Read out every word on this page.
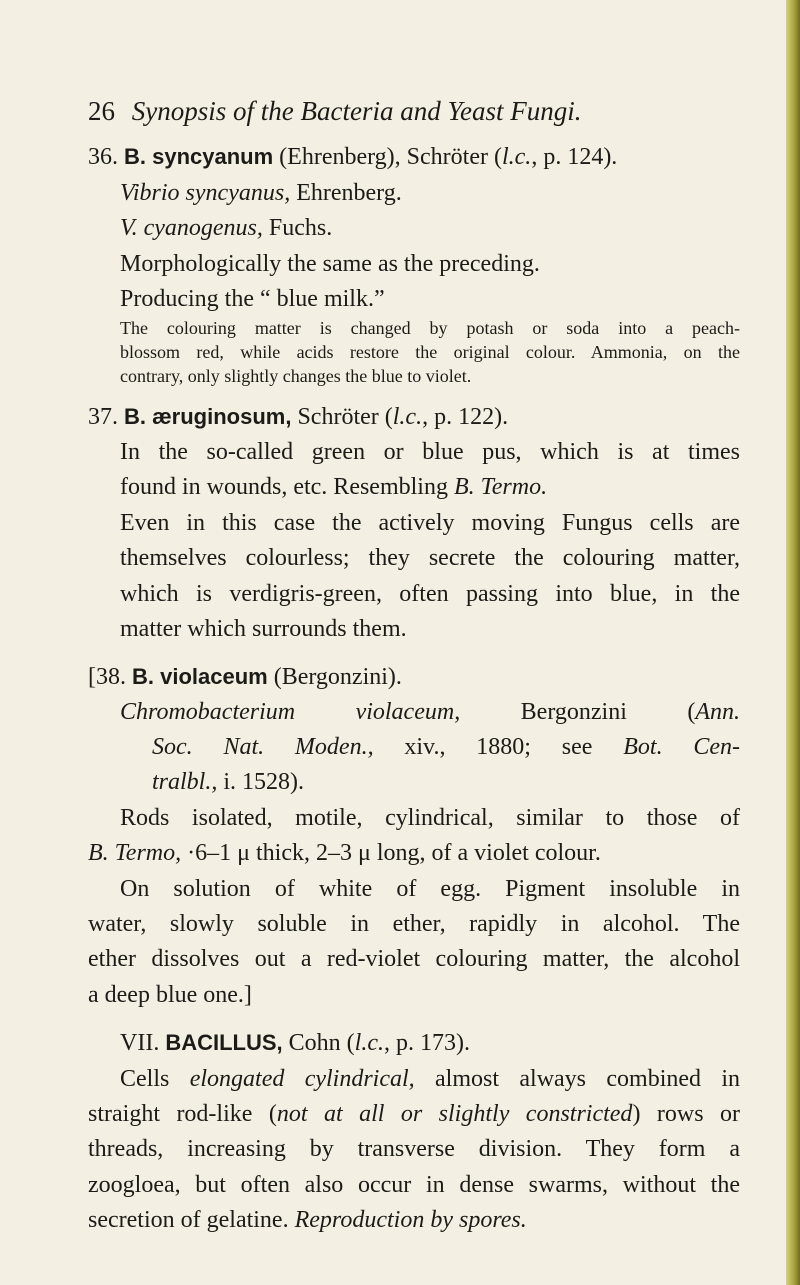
26 Synopsis of the Bacteria and Yeast Fungi.
36. B. syncyanum (Ehrenberg), Schröter (l.c., p. 124).
Vibrio syncyanus, Ehrenberg.
V. cyanogenus, Fuchs.
Morphologically the same as the preceding.
Producing the “ blue milk.”
The colouring matter is changed by potash or soda into a peach-
blossom red, while acids restore the original colour. Ammonia, on the
contrary, only slightly changes the blue to violet.
37. B. æruginosum, Schröter (l.c., p. 122).
In the so-called green or blue pus, which is at times
found in wounds, etc. Resembling B. Termo.
Even in this case the actively moving Fungus cells are
themselves colourless; they secrete the colouring matter,
which is verdigris-green, often passing into blue, in the
matter which surrounds them.
[38. B. violaceum (Bergonzini).
Chromobacterium violaceum,	Bergonzini (Ann.
Soc. Nat. Moden., xiv., 1880; see Bot. Cen-
tralbl., i. 1528).
Rods isolated, motile, cylindrical, similar to those of
B. Termo, ·6–1 μ thick, 2–3 μ long, of a violet colour.
On solution of white of egg. Pigment insoluble in
water, slowly soluble in ether, rapidly in alcohol. The
ether dissolves out a red-violet colouring matter, the alcohol
a deep blue one.]
VII. BACILLUS, Cohn (l.c., p. 173).
Cells elongated cylindrical, almost always combined in
straight rod-like (not at all or slightly constricted) rows or
threads, increasing by transverse division. They form a
zoogloea, but often also occur in dense swarms, without the
secretion of gelatine. Reproduction by spores.
